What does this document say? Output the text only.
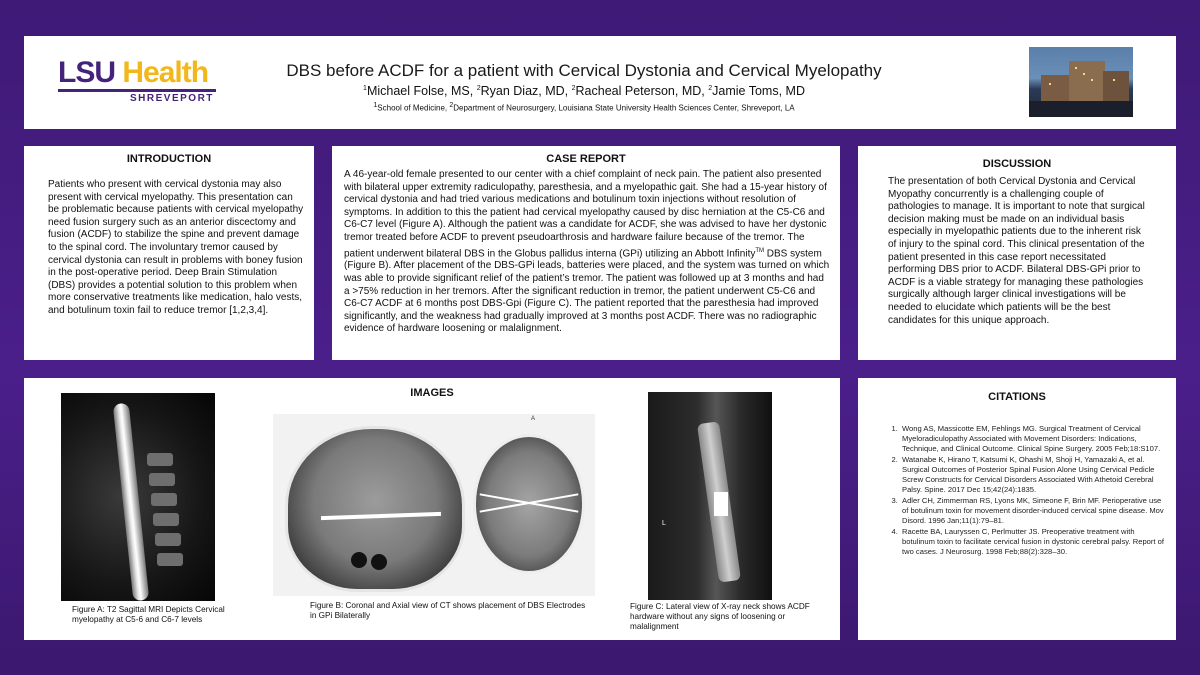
LSU Health
SHREVEPORT
DBS before ACDF for a patient with Cervical Dystonia and Cervical Myelopathy
$^1$Michael Folse, MS, $^2$Ryan Diaz, MD, $^2$Racheal Peterson, MD, $^2$Jamie Toms, MD
$^1$School of Medicine, $^2$Department of Neurosurgery, Louisiana State University Health Sciences Center, Shreveport, LA
INTRODUCTION
Patients who present with cervical dystonia may also present with cervical myelopathy. This presentation can be problematic because patients with cervical myelopathy need fusion surgery such as an anterior discectomy and fusion (ACDF) to stabilize the spine and prevent damage to the spinal cord. The involuntary tremor caused by cervical dystonia can result in problems with boney fusion in the post-operative period. Deep Brain Stimulation (DBS) provides a potential solution to this problem when more conservative treatments like medication, halo vests, and botulinum toxin fail to reduce tremor [1,2,3,4].
CASE REPORT
A 46-year-old female presented to our center with a chief complaint of neck pain. The patient also presented with bilateral upper extremity radiculopathy, paresthesia, and a myelopathic gait. She had a 15-year history of cervical dystonia and had tried various medications and botulinum toxin injections without resolution of symptoms. In addition to this the patient had cervical myelopathy caused by disc herniation at the C5-C6 and C6-C7 level (Figure A). Although the patient was a candidate for ACDF, she was advised to have her dystonic tremor treated before ACDF to prevent pseudoarthrosis and hardware failure because of the tremor. The patient underwent bilateral DBS in the Globus pallidus interna (GPi) utilizing an Abbott Infinity™ DBS system (Figure B). After placement of the DBS-GPi leads, batteries were placed, and the system was turned on which was able to provide significant relief of the patient’s tremor. The patient was followed up at 3 months and had a >75% reduction in her tremors. After the significant reduction in tremor, the patient underwent C5-C6 and C6-C7 ACDF at 6 months post DBS-Gpi (Figure C). The patient reported that the paresthesia had improved significantly, and the weakness had gradually improved at 3 months post ACDF. There was no radiographic evidence of hardware loosening or malalignment.
DISCUSSION
The presentation of both Cervical Dystonia and Cervical Myopathy concurrently is a challenging couple of pathologies to manage. It is important to note that surgical decision making must be made on an individual basis especially in myelopathic patients due to the inherent risk of injury to the spinal cord. This clinical presentation of the patient presented in this case report necessitated performing DBS prior to ACDF. Bilateral DBS-GPi prior to ACDF is a viable strategy for managing these pathologies surgically although larger clinical investigations will be needed to elucidate which patients will be the best candidates for this unique approach.
IMAGES
Figure A: T2 Sagittal MRI Depicts Cervical myelopathy at C5-6 and C6-7 levels
A
Figure B: Coronal and Axial view of CT shows placement of DBS Electrodes in GPi Bilaterally
L
Figure C: Lateral view of X-ray neck shows ACDF hardware without any signs of loosening or malalignment
CITATIONS
1. Wong AS, Massicotte EM, Fehlings MG. Surgical Treatment of Cervical Myeloradiculopathy Associated with Movement Disorders: Indications, Technique, and Clinical Outcome. Clinical Spine Surgery. 2005 Feb;18:S107.
2. Watanabe K, Hirano T, Katsumi K, Ohashi M, Shoji H, Yamazaki A, et al. Surgical Outcomes of Posterior Spinal Fusion Alone Using Cervical Pedicle Screw Constructs for Cervical Disorders Associated With Athetoid Cerebral Palsy. Spine. 2017 Dec 15;42(24):1835.
3. Adler CH, Zimmerman RS, Lyons MK, Simeone F, Brin MF. Perioperative use of botulinum toxin for movement disorder-induced cervical spine disease. Mov Disord. 1996 Jan;11(1):79–81.
4. Racette BA, Lauryssen C, Perlmutter JS. Preoperative treatment with botulinum toxin to facilitate cervical fusion in dystonic cerebral palsy. Report of two cases. J Neurosurg. 1998 Feb;88(2):328–30.
